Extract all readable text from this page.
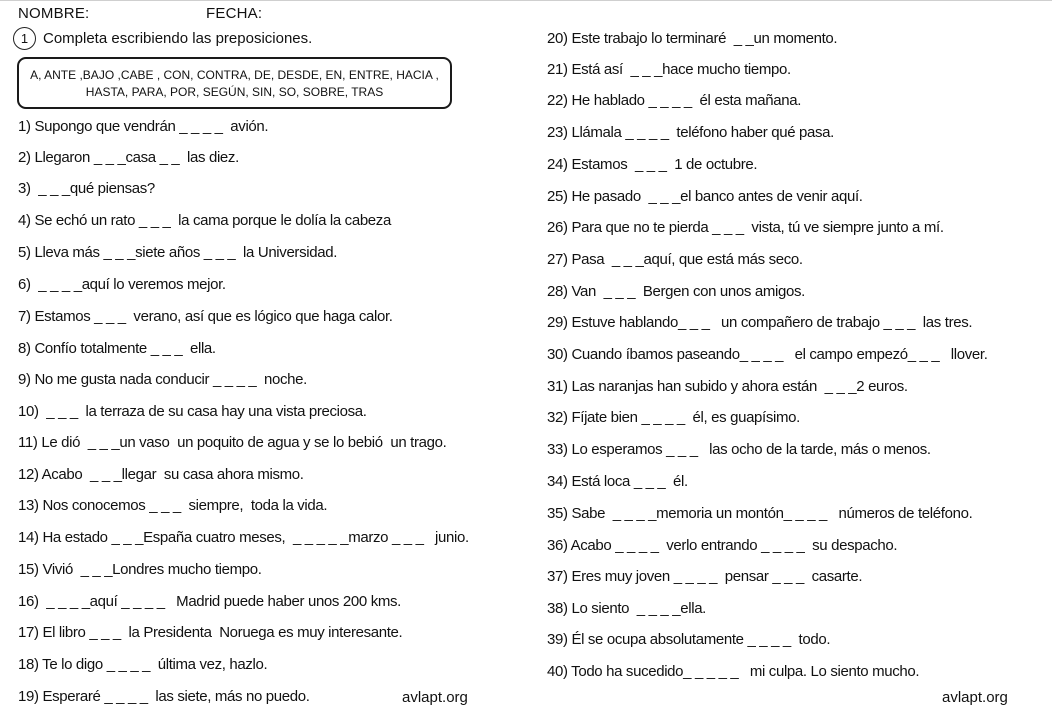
NOMBRE:	FECHA:
1 Completa escribiendo las preposiciones.
A, ANTE ,BAJO ,CABE , CON, CONTRA, DE, DESDE, EN, ENTRE, HACIA ,
HASTA, PARA, POR, SEGÚN, SIN, SO, SOBRE, TRAS
1) Supongo que vendrán _ _ _ _  avión.
2) Llegaron _ _ _casa _ _  las diez.
3)  _ _ _qué piensas?
4) Se echó un rato _ _ _  la cama porque le dolía la cabeza
5) Lleva más _ _ _siete años _ _ _  la Universidad.
6)  _ _ _ _aquí lo veremos mejor.
7) Estamos _ _ _  verano, así que es lógico que haga calor.
8) Confío totalmente _ _ _  ella.
9) No me gusta nada conducir _ _ _ _  noche.
10)  _ _ _  la terraza de su casa hay una vista preciosa.
11) Le dió  _ _ _un vaso  un poquito de agua y se lo bebió  un trago.
12) Acabo  _ _ _llegar  su casa ahora mismo.
13) Nos conocemos _ _ _  siempre,  toda la vida.
14) Ha estado _ _ _España cuatro meses,  _ _ _ _ _marzo _ _ _   junio.
15) Vivió  _ _ _Londres mucho tiempo.
16)  _ _ _ _aquí _ _ _ _   Madrid puede haber unos 200 kms.
17) El libro _ _ _  la Presidenta  Noruega es muy interesante.
18) Te lo digo _ _ _ _  última vez, hazlo.
19) Esperaré _ _ _ _  las siete, más no puedo.
20) Este trabajo lo terminaré  _ _un momento.
21) Está así  _ _ _hace mucho tiempo.
22) He hablado _ _ _ _  él esta mañana.
23) Llámala _ _ _ _  teléfono haber qué pasa.
24) Estamos  _ _ _  1 de octubre.
25) He pasado  _ _ _el banco antes de venir aquí.
26) Para que no te pierda _ _ _  vista, tú ve siempre junto a mí.
27) Pasa  _ _ _aquí, que está más seco.
28) Van  _ _ _  Bergen con unos amigos.
29) Estuve hablando_ _ _   un compañero de trabajo _ _ _  las tres.
30) Cuando íbamos paseando_ _ _ _   el campo empezó_ _ _   llover.
31) Las naranjas han subido y ahora están  _ _ _2 euros.
32) Fíjate bien _ _ _ _  él, es guapísimo.
33) Lo esperamos _ _ _   las ocho de la tarde, más o menos.
34) Está loca _ _ _  él.
35) Sabe  _ _ _ _memoria un montón_ _ _ _   números de teléfono.
36) Acabo _ _ _ _  verlo entrando _ _ _ _  su despacho.
37) Eres muy joven _ _ _ _  pensar _ _ _  casarte.
38) Lo siento  _ _ _ _ella.
39) Él se ocupa absolutamente _ _ _ _  todo.
40) Todo ha sucedido_ _ _ _ _   mi culpa. Lo siento mucho.
avlapt.org	avlapt.org
